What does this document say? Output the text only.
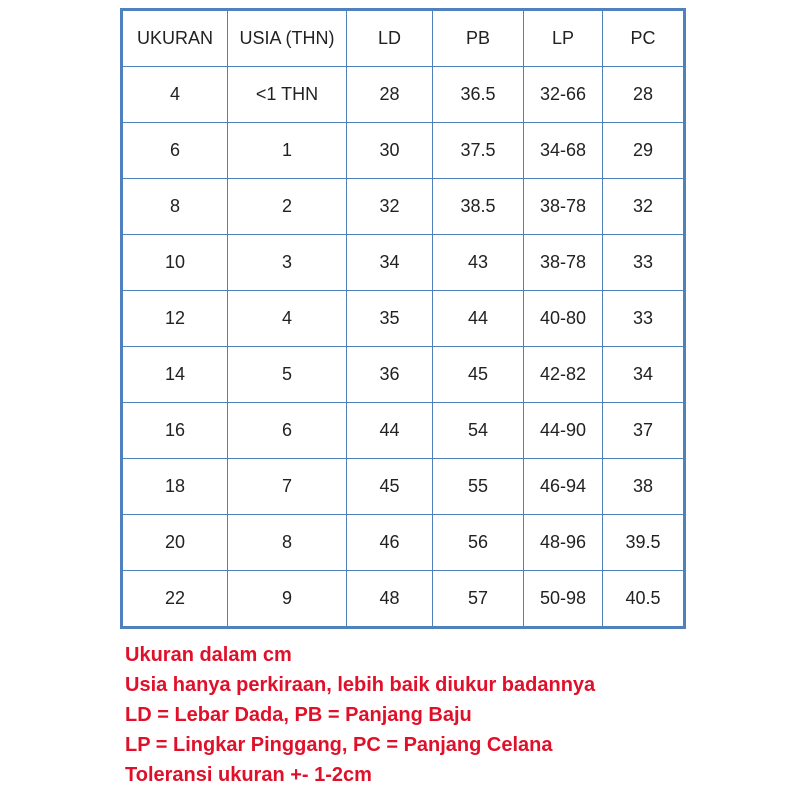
UKURAN	USIA (THN)	LD	PB	LP	PC
4	<1 THN	28	36.5	32-66	28
6	1	30	37.5	34-68	29
8	2	32	38.5	38-78	32
10	3	34	43	38-78	33
12	4	35	44	40-80	33
14	5	36	45	42-82	34
16	6	44	54	44-90	37
18	7	45	55	46-94	38
20	8	46	56	48-96	39.5
22	9	48	57	50-98	40.5
Ukuran dalam cm
Usia hanya perkiraan, lebih baik diukur badannya
LD = Lebar Dada, PB = Panjang Baju
LP = Lingkar Pinggang, PC = Panjang Celana
Toleransi ukuran +- 1-2cm
